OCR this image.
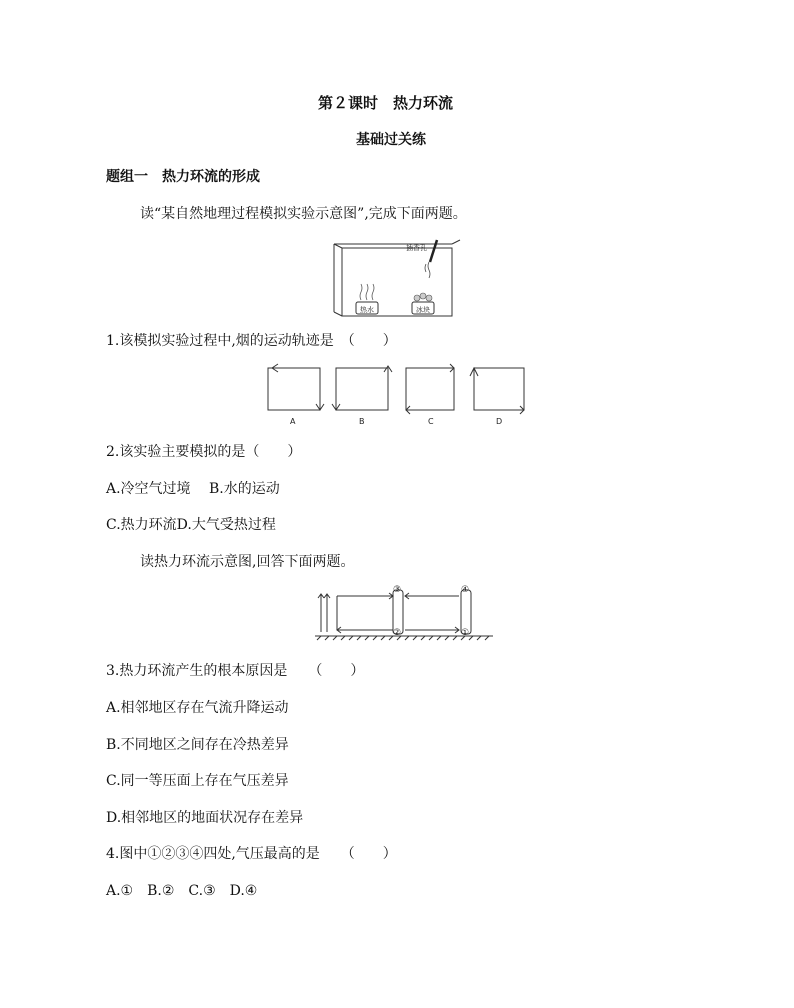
第２课时　热力环流
基础过关练
题组一　热力环流的形成
读“某自然地理过程模拟实验示意图”,完成下面两题。
插香孔
热水	冰块
1.该模拟实验过程中,烟的运动轨迹是　（　　）
A	B	C	D
2.该实验主要模拟的是（　　）
A.冷空气过境　 B.水的运动
C.热力环流D.大气受热过程
读热力环流示意图,回答下面两题。
③
②
④
①
3.热力环流产生的根本原因是　　（　　）
A.相邻地区存在气流升降运动
B.不同地区之间存在冷热差异
C.同一等压面上存在气压差异
D.相邻地区的地面状况存在差异
4.图中①②③④四处,气压最高的是　　（　　）
A.①　B.②　C.③　D.④
